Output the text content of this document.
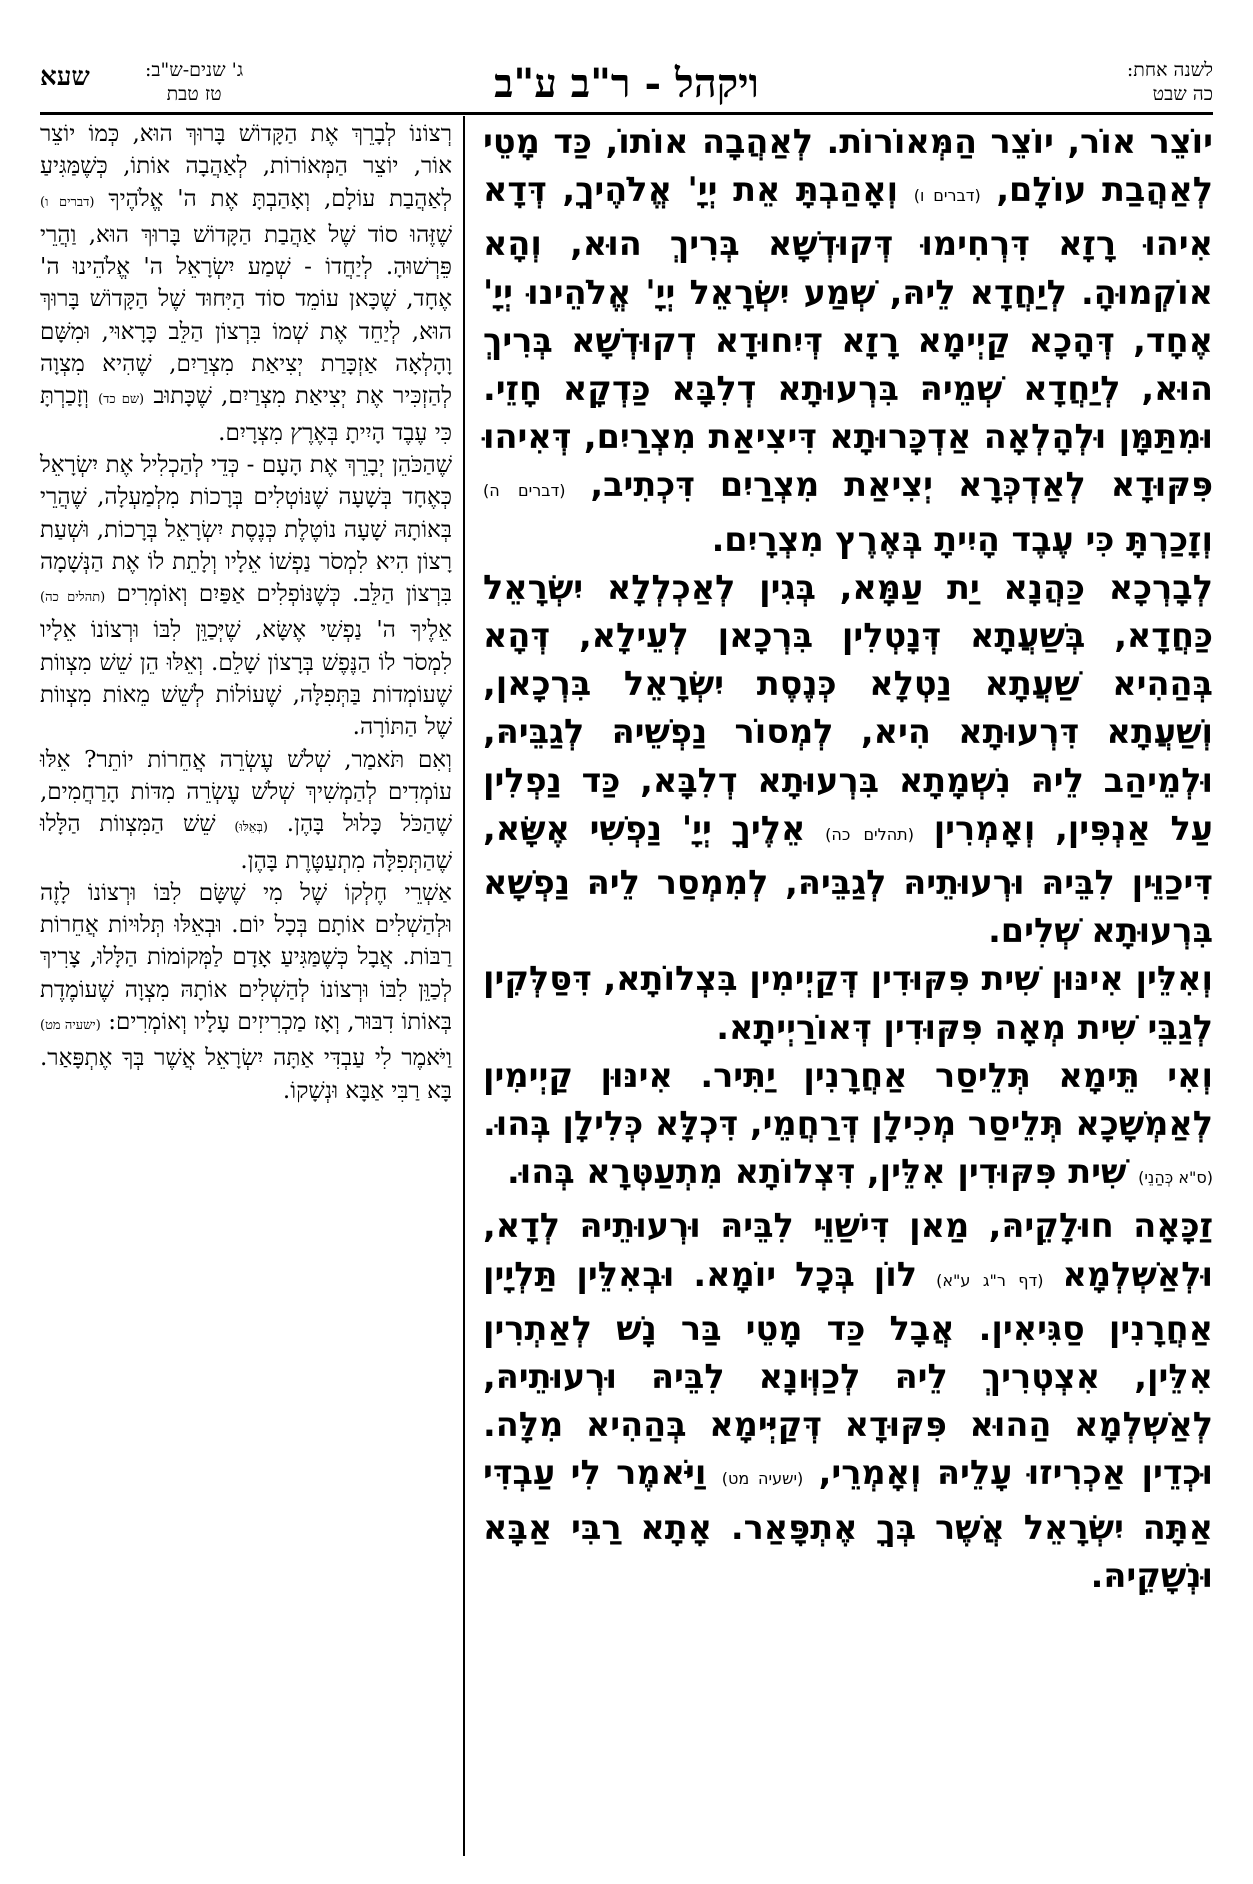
לשנה אחת:
כה שבט
ויקהל - ר"ב ע"ב
ג' שנים-ש"ב:
טז טבת
שעא

יוֹצֵר אוֹר, יוֹצֵר הַמְּאוֹרוֹת. לְאַהֲבָה אוֹתוֹ, כַּד מָטֵי לְאַהֲבַת עוֹלָם, (דברים ו) וְאָהַבְתָּ אֵת יְיָ' אֱלֹהֶיךָ, דְּדָא אִיהוּ רָזָא דִּרְחִימוּ דְּקוּדְשָׁא בְּרִיךְ הוּא, וְהָא אוֹקְמוּהָ. לְיַחֲדָא לֵיהּ, שְׁמַע יִשְׂרָאֵל יְיָ' אֱלֹהֵינוּ יְיָ' אֶחָד, דְּהָכָא קַיְימָא רָזָא דְּיִחוּדָא דְקוּדְשָׁא בְּרִיךְ הוּא, לְיַחֲדָא שְׁמֵיהּ בִּרְעוּתָא דְלִבָּא כַּדְקָא חָזֵי. וּמִתַּמָּן וּלְהָלְאָה אַדְכָּרוּתָא דִּיצִיאַת מִצְרַיִם, דְּאִיהוּ פִּקּוּדָא לְאַדְכְּרָא יְצִיאַת מִצְרַיִם דִּכְתִיב, (דברים ה) וְזָכַרְתָּ כִּי עֶבֶד הָיִיתָ בְּאֶרֶץ מִצְרָיִם.

לְבָרְכָא כַּהֲנָא יַת עַמָּא, בְּגִין לְאַכְלְלָא יִשְׂרָאֵל כַּחֲדָא, בְּשַׁעֲתָא דְּנָטְלִין בִּרְכָאן לְעֵילָא, דְּהָא בְּהַהִיא שַׁעֲתָא נַטְלָא כְּנֶסֶת יִשְׂרָאֵל בִּרְכָאן, וְשַׁעֲתָא דִּרְעוּתָא הִיא, לְמְסוֹר נַפְשֵׁיהּ לְגַבֵּיהּ, וּלְמֵיהַב לֵיהּ נִשְׁמָתָא בִּרְעוּתָא דְלִבָּא, כַּד נַפְלִין עַל אַנְפִּין, וְאָמְרִין (תהלים כה) אֵלֶיךָ יְיָ' נַפְשִׁי אֶשָּׂא, דִּיכַוֵּין לִבֵּיהּ וּרְעוּתֵיהּ לְגַבֵּיהּ, לְמִמְסַר לֵיהּ נַפְשָׁא בִּרְעוּתָא שְׁלִים.

וְאִלֵּין אִינּוּן שִׁית פִּקּוּדִין דְּקַיְימִין בִּצְלוֹתָא, דִּסַּלְּקִין לְגַבֵּי שִׁית מְאָה פִּקּוּדִין דְּאוֹרַיְיתָא.

וְאִי תֵּימָא תְּלֵיסַר אַחֲרָנִין יַתִּיר. אִינּוּן קַיְימִין לְאַמְשָׁכָא תְּלֵיסַר מְכִילָן דְּרַחֲמֵי, דִּכְלָּא כְּלִילָן בְּהוּ. (ס"א כְּהַנֵי) שִׁית פִּקּוּדִין אִלֵּין, דִּצְלוֹתָא מִתְעַטְּרָא בְּהוּ.

זַכָּאָה חוּלָקֵיהּ, מַאן דִּישַׁוֵּי לִבֵּיהּ וּרְעוּתֵיהּ לְדָא, וּלְאַשְׁלְמָא (דף ר"ג ע"א) לוֹן בְּכָל יוֹמָא. וּבְאִלֵּין תַּלְיָין אַחֲרָנִין סַגִּיאִין. אֲבָל כַּד מָטֵי בַּר נָשׁ לְאַתְרִין אִלֵּין, אִצְטְרִיךְ לֵיהּ לְכַוְּונָא לִבֵּיהּ וּרְעוּתֵיהּ, לְאַשְׁלְמָא הַהוּא פִּקּוּדָא דְּקַיְּימָא בְּהַהִיא מִלָּה. וּכְדֵין אַכְרִיזוּ עָלֵיהּ וְאָמְרֵי, (ישעיה מט) וַיֹּאמֶר לִי עַבְדִּי אַתָּה יִשְׂרָאֵל אֲשֶׁר בְּךָ אֶתְפָּאַר. אָתָא רַבִּי אַבָּא וּנְשָׁקֵיהּ.

רְצוֹנוֹ לְבָרֵךְ אֶת הַקָּדוֹשׁ בָּרוּךְ הוּא, כְּמוֹ יוֹצֵר אוֹר, יוֹצֵר הַמְּאוֹרוֹת, לְאַהֲבָה אוֹתוֹ, כְּשֶׁמַּגִּיעַ לְאַהֲבַת עוֹלָם, וְאָהַבְתָּ אֶת ה' אֱלֹהֶיךָ (דברים ו) שֶׁזֶּהוּ סוֹד שֶׁל אַהֲבַת הַקָּדוֹשׁ בָּרוּךְ הוּא, וַהֲרֵי פֵּרְשׁוּהָ. לְיַחֲדוֹ - שְׁמַע יִשְׂרָאֵל ה' אֱלֹהֵינוּ ה' אֶחָד, שֶׁכָּאן עוֹמֵד סוֹד הַיִּחוּד שֶׁל הַקָּדוֹשׁ בָּרוּךְ הוּא, לְיַחֵד אֶת שְׁמוֹ בִּרְצוֹן הַלֵּב כָּרָאוּי, וּמִשָּׁם וָהָלְאָה אַזְכָּרַת יְצִיאַת מִצְרַיִם, שֶׁהִיא מִצְוָה לְהַזְכִּיר אֶת יְצִיאַת מִצְרַיִם, שֶׁכָּתוּב (שם כד) וְזָכַרְתָּ כִּי עֶבֶד הָיִיתָ בְּאֶרֶץ מִצְרָיִם.

שֶׁהַכֹּהֵן יְבָרֵךְ אֶת הָעָם - כְּדֵי לְהַכְלִיל אֶת יִשְׂרָאֵל כְּאֶחָד בְּשָׁעָה שֶׁנּוֹטְלִים בְּרָכוֹת מִלְמַעְלָה, שֶׁהֲרֵי בְּאוֹתָהּ שָׁעָה נוֹטֶלֶת כְּנֶסֶת יִשְׂרָאֵל בְּרָכוֹת, וּשְׁעַת רָצוֹן הִיא לִמְסֹר נַפְשׁוֹ אֵלָיו וְלָתֵת לוֹ אֶת הַנְּשָׁמָה בִּרְצוֹן הַלֵּב. כְּשֶׁנּוֹפְלִים אַפַּיִם וְאוֹמְרִים (תהלים כה) אֵלֶיךָ ה' נַפְשִׁי אֶשָּׂא, שֶׁיְּכַוֵּן לִבּוֹ וּרְצוֹנוֹ אֵלָיו לִמְסֹר לוֹ הַנֶּפֶשׁ בְּרָצוֹן שָׁלֵם. וְאֵלּוּ הֵן שֵׁשׁ מִצְווֹת שֶׁעוֹמְדוֹת בַּתְּפִלָּה, שֶׁעוֹלוֹת לְשֵׁשׁ מֵאוֹת מִצְווֹת שֶׁל הַתּוֹרָה.

וְאִם תֹּאמַר, שְׁלֹשׁ עֶשְׂרֵה אֲחֵרוֹת יוֹתֵר? אֵלּוּ עוֹמְדִים לְהַמְשִׁיךְ שְׁלֹשׁ עֶשְׂרֵה מִדּוֹת הָרַחֲמִים, שֶׁהַכֹּל כָּלוּל בָּהֶן. (בְּאֵלּוּ) שֵׁשׁ הַמִּצְווֹת הַלָּלוּ שֶׁהַתְּפִלָּה מִתְעַטֶּרֶת בָּהֶן.

אַשְׁרֵי חֶלְקוֹ שֶׁל מִי שֶׁשָּׂם לִבּוֹ וּרְצוֹנוֹ לָזֶה וּלְהַשְׁלִים אוֹתָם בְּכָל יוֹם. וּבְאֵלּוּ תְּלוּיוֹת אֲחֵרוֹת רַבּוֹת. אֲבָל כְּשֶׁמַּגִּיעַ אָדָם לַמְּקוֹמוֹת הַלָּלוּ, צָרִיךְ לְכַוֵּן לִבּוֹ וּרְצוֹנוֹ לְהַשְׁלִים אוֹתָהּ מִצְוָה שֶׁעוֹמֶדֶת בְּאוֹתוֹ דִבּוּר, וְאָז מַכְרִיזִים עָלָיו וְאוֹמְרִים: (ישעיה מט) וַיֹּאמֶר לִי עַבְדִּי אַתָּה יִשְׂרָאֵל אֲשֶׁר בְּךָ אֶתְפָּאַר. בָּא רַבִּי אַבָּא וּנְשָׁקוֹ.
